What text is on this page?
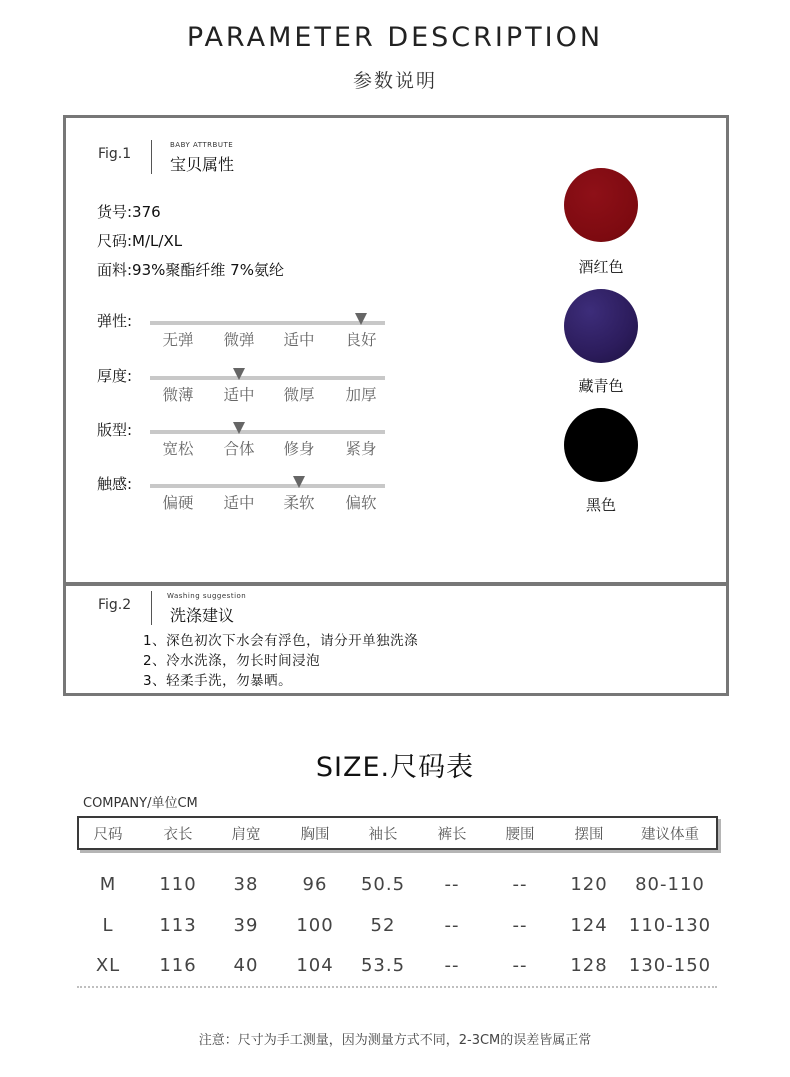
PARAMETER DESCRIPTION
参数说明
Fig.1
BABY ATTRBUTE
宝贝属性
货号:376
尺码:M/L/XL
面料:93%聚酯纤维 7%氨纶
弹性:
无弹	微弹	适中	良好
厚度:
微薄	适中	微厚	加厚
版型:
宽松	合体	修身	紧身
触感:
偏硬	适中	柔软	偏软
酒红色
藏青色
黑色
Fig.2
Washing suggestion
洗涤建议
1、深色初次下水会有浮色，请分开单独洗涤
2、冷水洗涤，勿长时间浸泡
3、轻柔手洗，勿暴晒。
SIZE.尺码表
COMPANY/单位CM
尺码	衣长	肩宽	胸围	袖长	裤长	腰围	摆围	建议体重
M	110	38	96	50.5	--	--	120	80-110
L	113	39	100	52	--	--	124	110-130
XL	116	40	104	53.5	--	--	128	130-150
注意：尺寸为手工测量，因为测量方式不同，2-3CM的误差皆属正常
